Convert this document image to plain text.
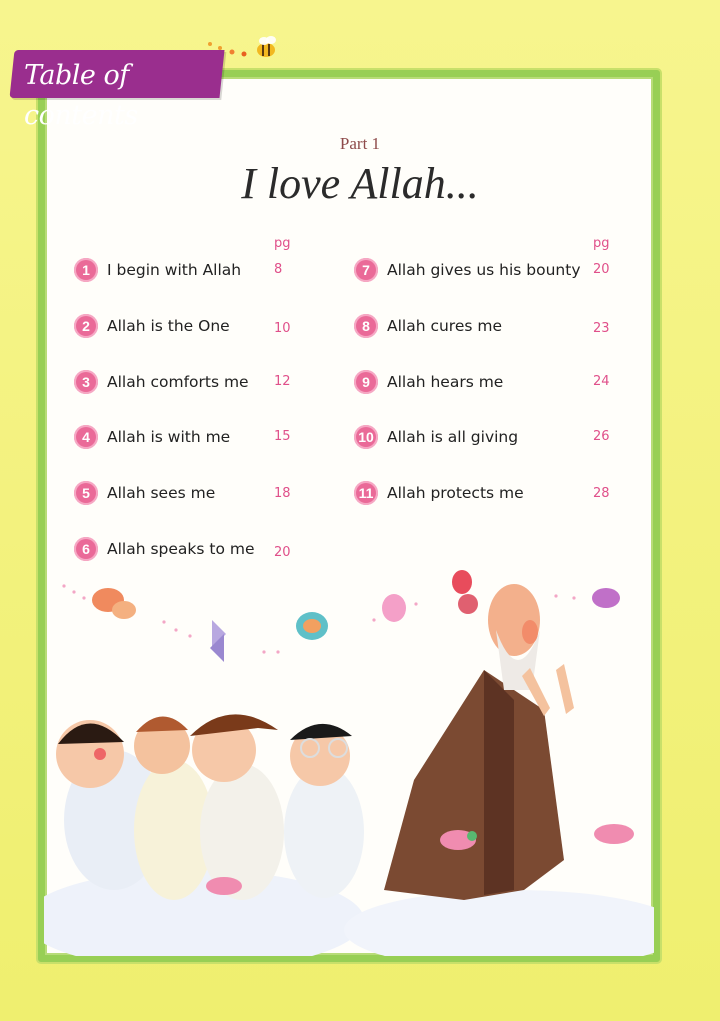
Table of contents
Part 1
I love Allah...
pg	pg
1	I begin with Allah	8
2	Allah is the One	10
3	Allah comforts me 12
4	Allah is with me	15
5	Allah sees me	18
6	Allah speaks to me 20
7	Allah gives us his bounty 20
8	Allah cures me	23
9	Allah hears me	24
10 Allah is all giving	26
11 Allah protects me	28
